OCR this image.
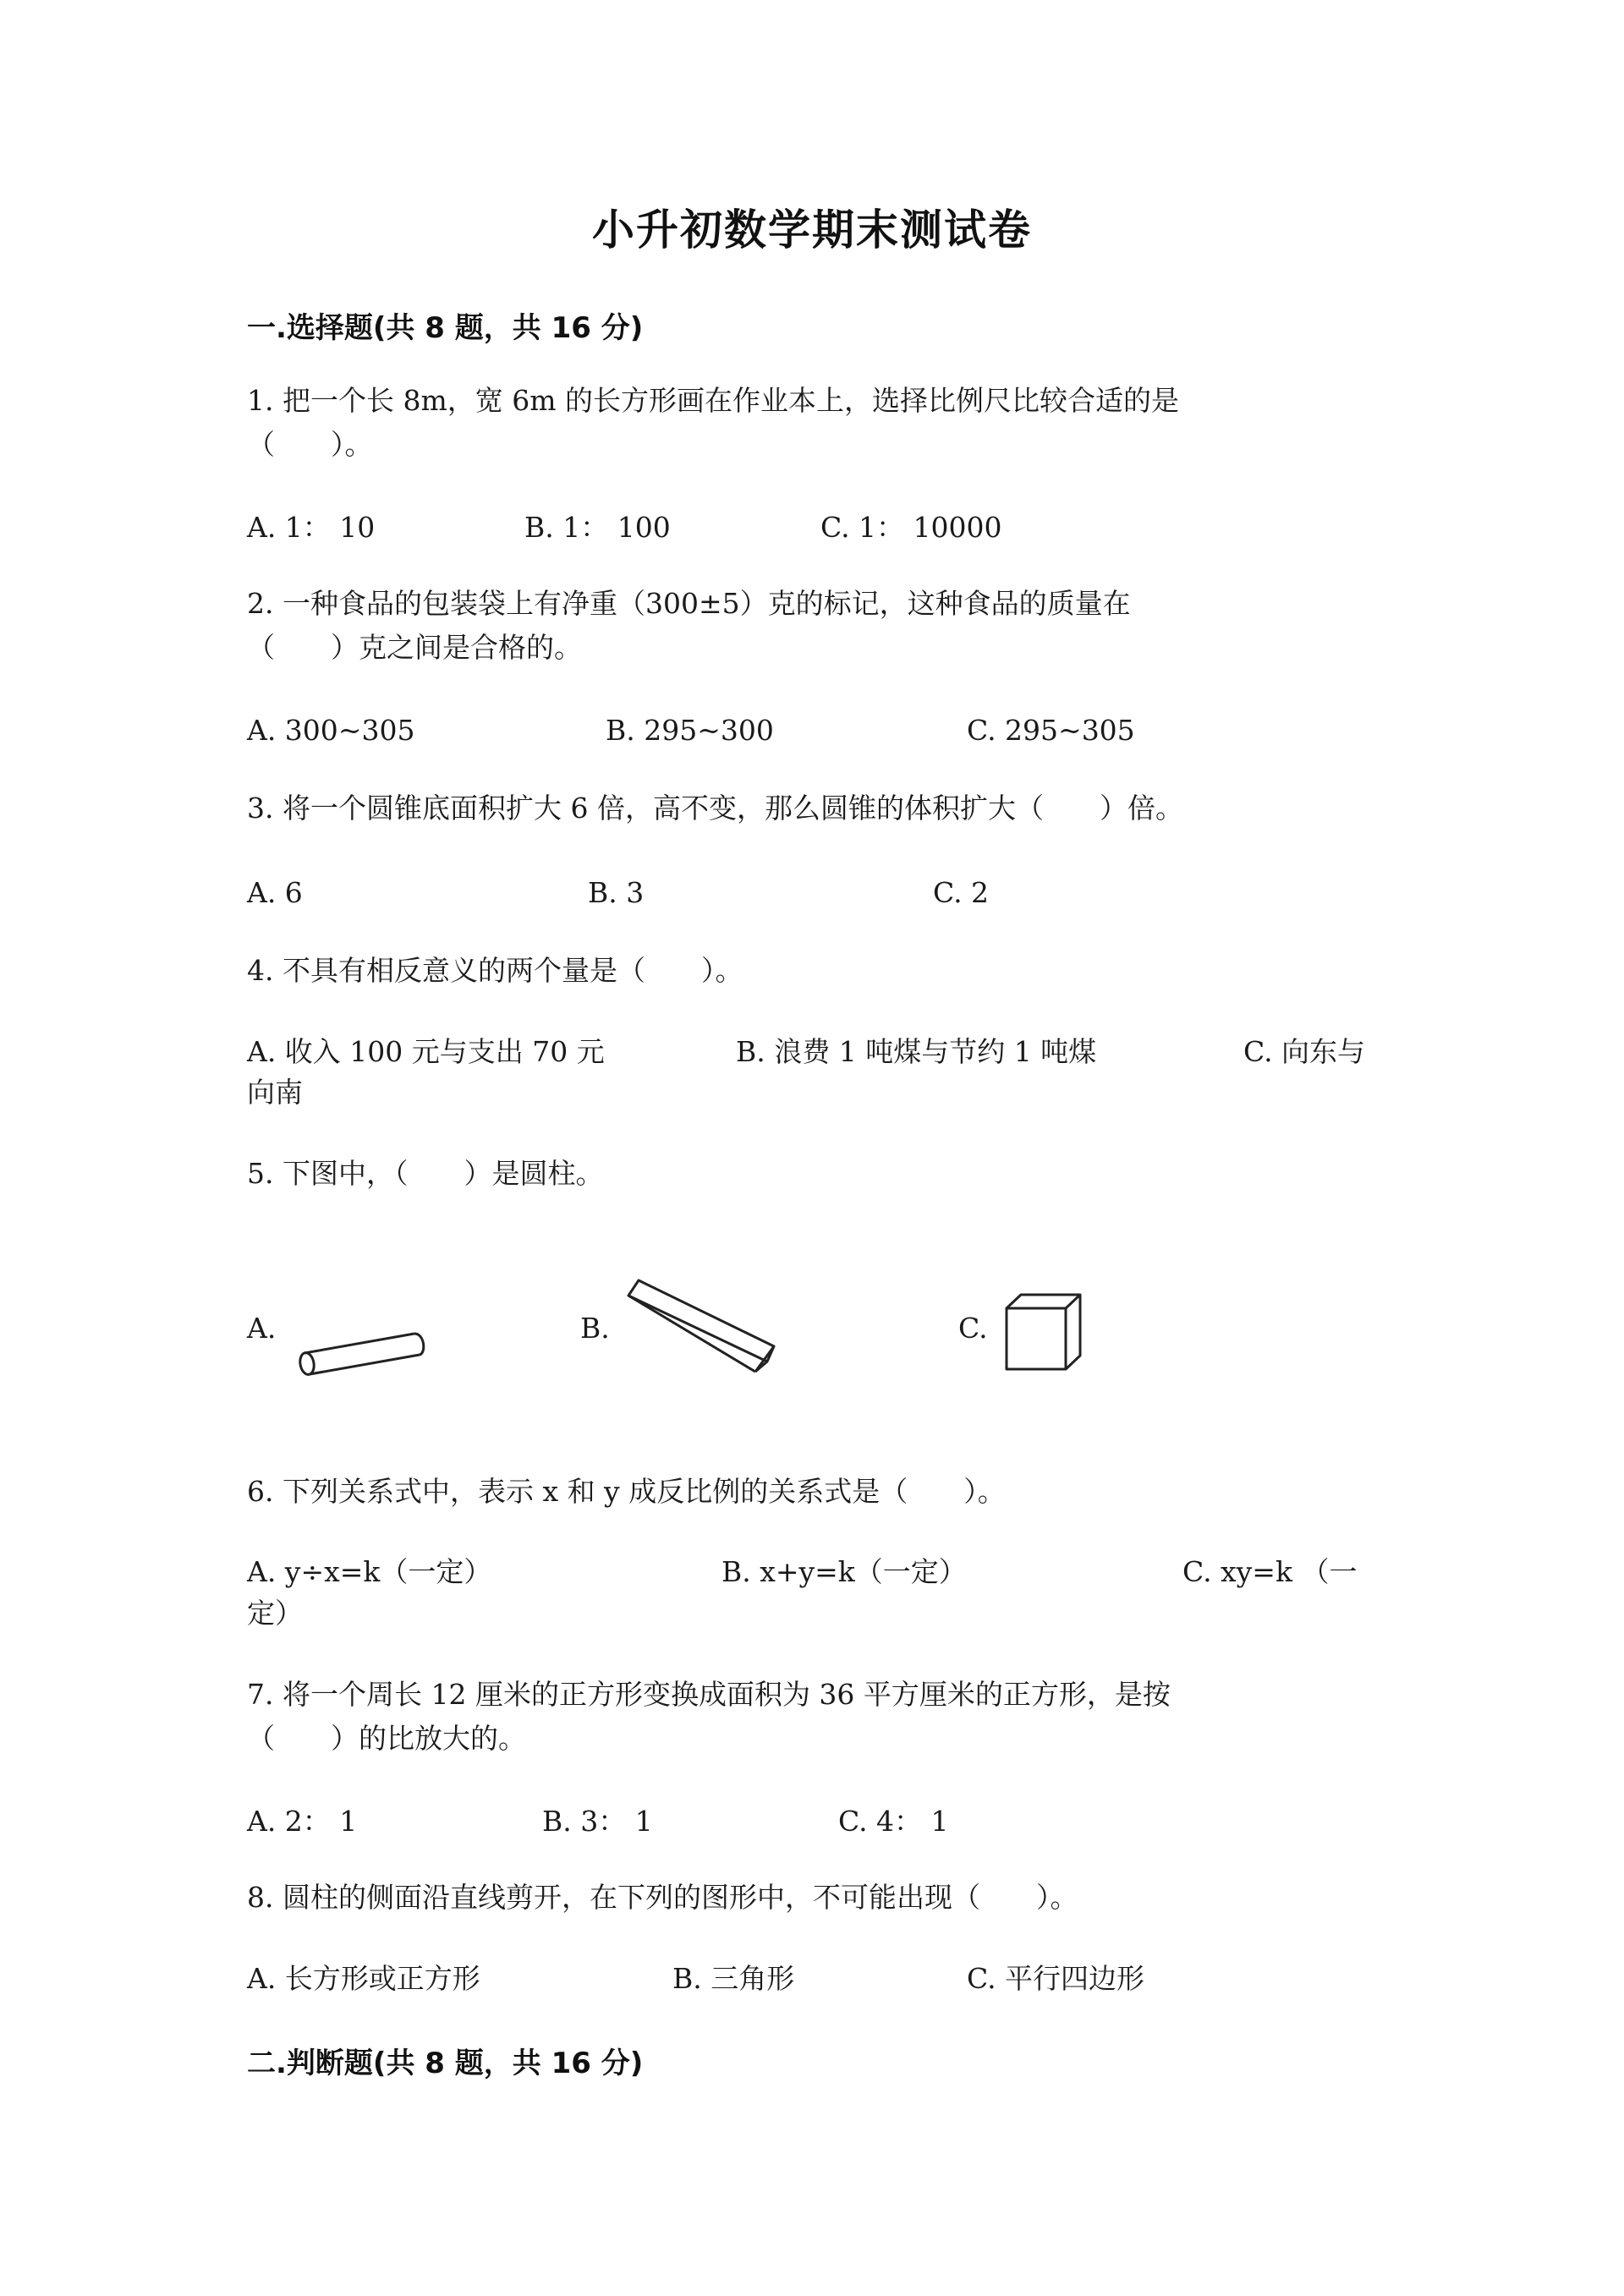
小升初数学期末测试卷
一.选择题(共 8 题，共 16 分)
1. 把一个长 8m，宽 6m 的长方形画在作业本上，选择比例尺比较合适的是
（　　）。
A. 1： 10	B. 1： 100	C. 1： 10000
2. 一种食品的包装袋上有净重（300±5）克的标记，这种食品的质量在
（　　）克之间是合格的。
A. 300~305	B. 295~300	C. 295~305
3. 将一个圆锥底面积扩大 6 倍，高不变，那么圆锥的体积扩大（　　）倍。
A. 6	B. 3	C. 2
4. 不具有相反意义的两个量是（　　）。
A. 收入 100 元与支出 70 元	B. 浪费 1 吨煤与节约 1 吨煤	C. 向东与
向南
5. 下图中，（　　）是圆柱。
A.	B.	C.
6. 下列关系式中，表示 x 和 y 成反比例的关系式是（　　）。
A. y÷x=k（一定）	B. x+y=k（一定）	C. xy=k （一
定）
7. 将一个周长 12 厘米的正方形变换成面积为 36 平方厘米的正方形，是按
（　　）的比放大的。
A. 2： 1	B. 3： 1	C. 4： 1
8. 圆柱的侧面沿直线剪开，在下列的图形中，不可能出现（　　）。
A. 长方形或正方形	B. 三角形	C. 平行四边形
二.判断题(共 8 题，共 16 分)
